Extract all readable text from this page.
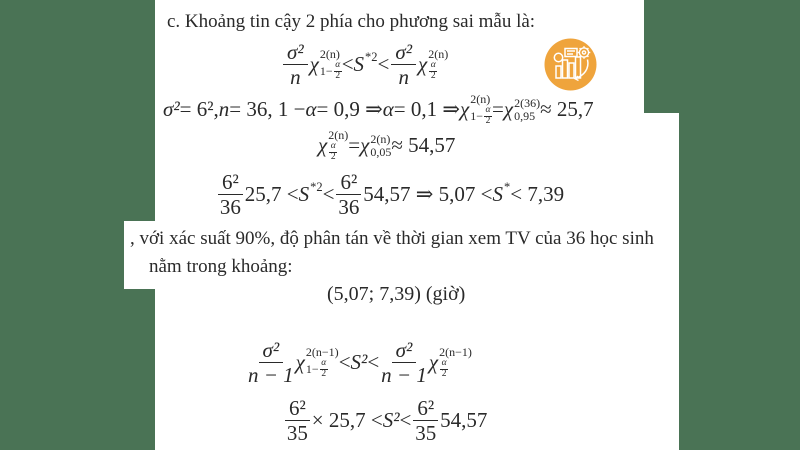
c. Khoảng tin cậy 2 phía cho phương sai mẫu là:
$\frac{\text{σ²}}{n}$ χ 2(n)
$1- \frac{\alpha}{2} < S$ $*2 < \frac{\text{σ²}}{n}$ χ 2(n)
α
2
σ² = 6², n = 36, 1 − α = 0,9 ⇒ α = 0,1 ⇒ χ 2(n)
$1- \frac{\alpha}{2} = \chi$ 2(36)
0,95 ≈ 25,7
χ 2(n)
α
2 = χ 2(n)
0,05 ≈ 54,57
$\frac{\text{6²}}{36} 25,7 < S$ $*2 < \frac{\text{6²}}{36} 54,57$ ⇒ 5,07 < S * < 7,39
, với xác suất 90%, độ phân tán về thời gian xem TV của 36 học sinh
nằm trong khoảng:
(5,07; 7,39) (giờ)
$\frac{\text{σ²}}{n - 1}$ χ 2(n−1)
$1- \frac{\alpha}{2} < S^2 < \frac{\text{σ²}}{n - 1}$ χ 2(n−1)
α
2
$\frac{\text{6²}}{35} \times 25,7 < S^2 < \frac{\text{6²}}{35} 54,57$
